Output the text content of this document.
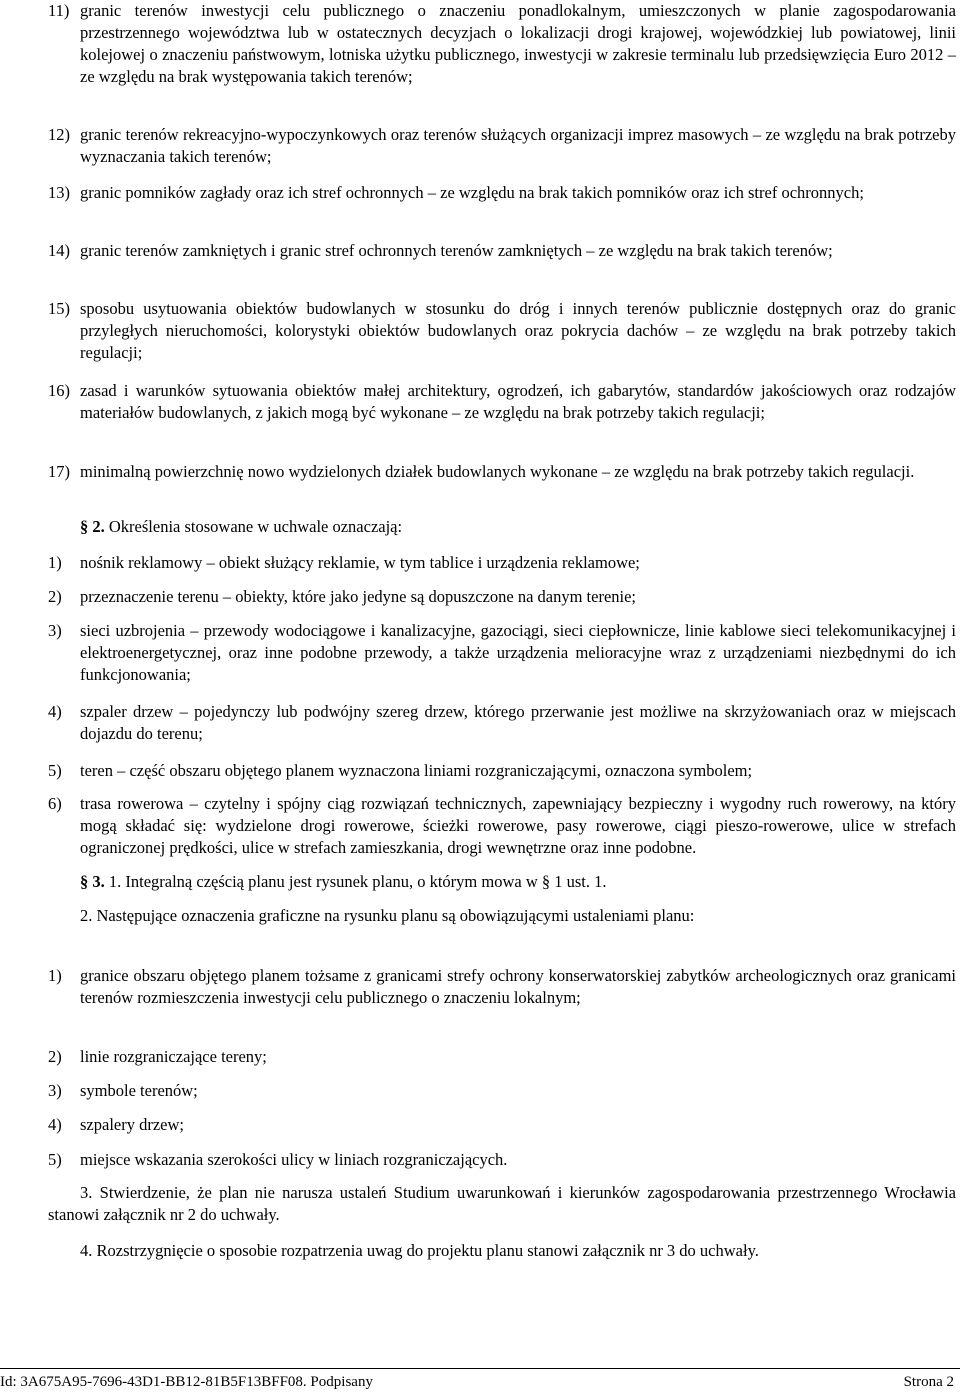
11) granic terenów inwestycji celu publicznego o znaczeniu ponadlokalnym, umieszczonych w planie zagospodarowania przestrzennego województwa lub w ostatecznych decyzjach o lokalizacji drogi krajowej, wojewódzkiej lub powiatowej, linii kolejowej o znaczeniu państwowym, lotniska użytku publicznego, inwestycji w zakresie terminalu lub przedsięwzięcia Euro 2012 – ze względu na brak występowania takich terenów;
12) granic terenów rekreacyjno-wypoczynkowych oraz terenów służących organizacji imprez masowych – ze względu na brak potrzeby wyznaczania takich terenów;
13) granic pomników zagłady oraz ich stref ochronnych – ze względu na brak takich pomników oraz ich stref ochronnych;
14) granic terenów zamkniętych i granic stref ochronnych terenów zamkniętych – ze względu na brak takich terenów;
15) sposobu usytuowania obiektów budowlanych w stosunku do dróg i innych terenów publicznie dostępnych oraz do granic przyległych nieruchomości, kolorystyki obiektów budowlanych oraz pokrycia dachów – ze względu na brak potrzeby takich regulacji;
16) zasad i warunków sytuowania obiektów małej architektury, ogrodzeń, ich gabarytów, standardów jakościowych oraz rodzajów materiałów budowlanych, z jakich mogą być wykonane – ze względu na brak potrzeby takich regulacji;
17) minimalną powierzchnię nowo wydzielonych działek budowlanych wykonane – ze względu na brak potrzeby takich regulacji.
§ 2. Określenia stosowane w uchwale oznaczają:
1)	nośnik reklamowy – obiekt służący reklamie, w tym tablice i urządzenia reklamowe;
2)	przeznaczenie terenu – obiekty, które jako jedyne są dopuszczone na danym terenie;
3)	sieci uzbrojenia – przewody wodociągowe i kanalizacyjne, gazociągi, sieci ciepłownicze, linie kablowe sieci telekomunikacyjnej i elektroenergetycznej, oraz inne podobne przewody, a także urządzenia melioracyjne wraz z urządzeniami niezbędnymi do ich funkcjonowania;
4)	szpaler drzew – pojedynczy lub podwójny szereg drzew, którego przerwanie jest możliwe na skrzyżowaniach oraz w miejscach dojazdu do terenu;
5)	teren – część obszaru objętego planem wyznaczona liniami rozgraniczającymi, oznaczona symbolem;
6)	trasa rowerowa – czytelny i spójny ciąg rozwiązań technicznych, zapewniający bezpieczny i wygodny ruch rowerowy, na który mogą składać się: wydzielone drogi rowerowe, ścieżki rowerowe, pasy rowerowe, ciągi pieszo-rowerowe, ulice w strefach ograniczonej prędkości, ulice w strefach zamieszkania, drogi wewnętrzne oraz inne podobne.
§ 3. 1. Integralną częścią planu jest rysunek planu, o którym mowa w § 1 ust. 1.
2. Następujące oznaczenia graficzne na rysunku planu są obowiązującymi ustaleniami planu:
1)	granice obszaru objętego planem tożsame z granicami strefy ochrony konserwatorskiej zabytków archeologicznych oraz granicami terenów rozmieszczenia inwestycji celu publicznego o znaczeniu lokalnym;
2)	linie rozgraniczające tereny;
3)	symbole terenów;
4)	szpalery drzew;
5)	miejsce wskazania szerokości ulicy w liniach rozgraniczających.
3. Stwierdzenie, że plan nie narusza ustaleń Studium uwarunkowań i kierunków zagospodarowania przestrzennego Wrocławia stanowi załącznik nr 2 do uchwały.
4. Rozstrzygnięcie o sposobie rozpatrzenia uwag do projektu planu stanowi załącznik nr 3 do uchwały.
Id: 3A675A95-7696-43D1-BB12-81B5F13BFF08. Podpisany	Strona 2
